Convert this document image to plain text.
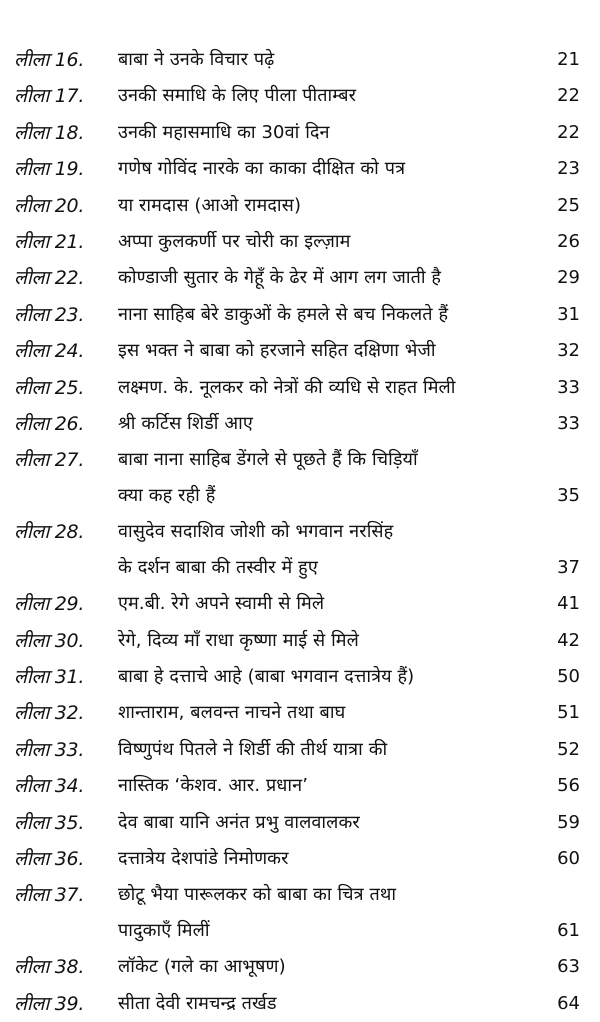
लीला 16. बाबा ने उनके विचार पढ़े	21
लीला 17. उनकी समाधि के लिए पीला पीताम्बर	22
लीला 18. उनकी महासमाधि का 30वां दिन	22
लीला 19. गणेष गोविंद नारके का काका दीक्षित को पत्र	23
लीला 20. या रामदास (आओ रामदास)	25
लीला 21. अप्पा कुलकर्णी पर चोरी का इल्ज़ाम	26
लीला 22. कोण्डाजी सुतार के गेहूँ के ढेर में आग लग जाती है	29
लीला 23. नाना साहिब बेरे डाकुओं के हमले से बच निकलते हैं	31
लीला 24. इस भक्त ने बाबा को हरजाने सहित दक्षिणा भेजी	32
लीला 25. लक्ष्मण. के. नूलकर को नेत्रों की व्यधि से राहत मिली	33
लीला 26. श्री कर्टिस शिर्डी आए	33
लीला 27. बाबा नाना साहिब डेंगले से पूछते हैं कि चिड़ियाँ
क्या कह रही हैं	35
लीला 28. वासुदेव सदाशिव जोशी को भगवान नरसिंह
के दर्शन बाबा की तस्वीर में हुए	37
लीला 29. एम.बी. रेगे अपने स्वामी से मिले	41
लीला 30. रेगे, दिव्य माँ राधा कृष्णा माई से मिले	42
लीला 31. बाबा हे दत्ताचे आहे (बाबा भगवान दत्तात्रेय हैं)	50
लीला 32. शान्ताराम, बलवन्त नाचने तथा बाघ	51
लीला 33. विष्णुपंथ पितले ने शिर्डी की तीर्थ यात्रा की	52
लीला 34. नास्तिक ‘केशव. आर. प्रधान’	56
लीला 35. देव बाबा यानि अनंत प्रभु वालवालकर	59
लीला 36. दत्तात्रेय देशपांडे निमोणकर	60
लीला 37. छोटू भैया पारूलकर को बाबा का चित्र तथा
पादुकाएँ मिलीं	61
लीला 38. लॉकेट (गले का आभूषण)	63
लीला 39. सीता देवी रामचन्द्र तर्खड	64
